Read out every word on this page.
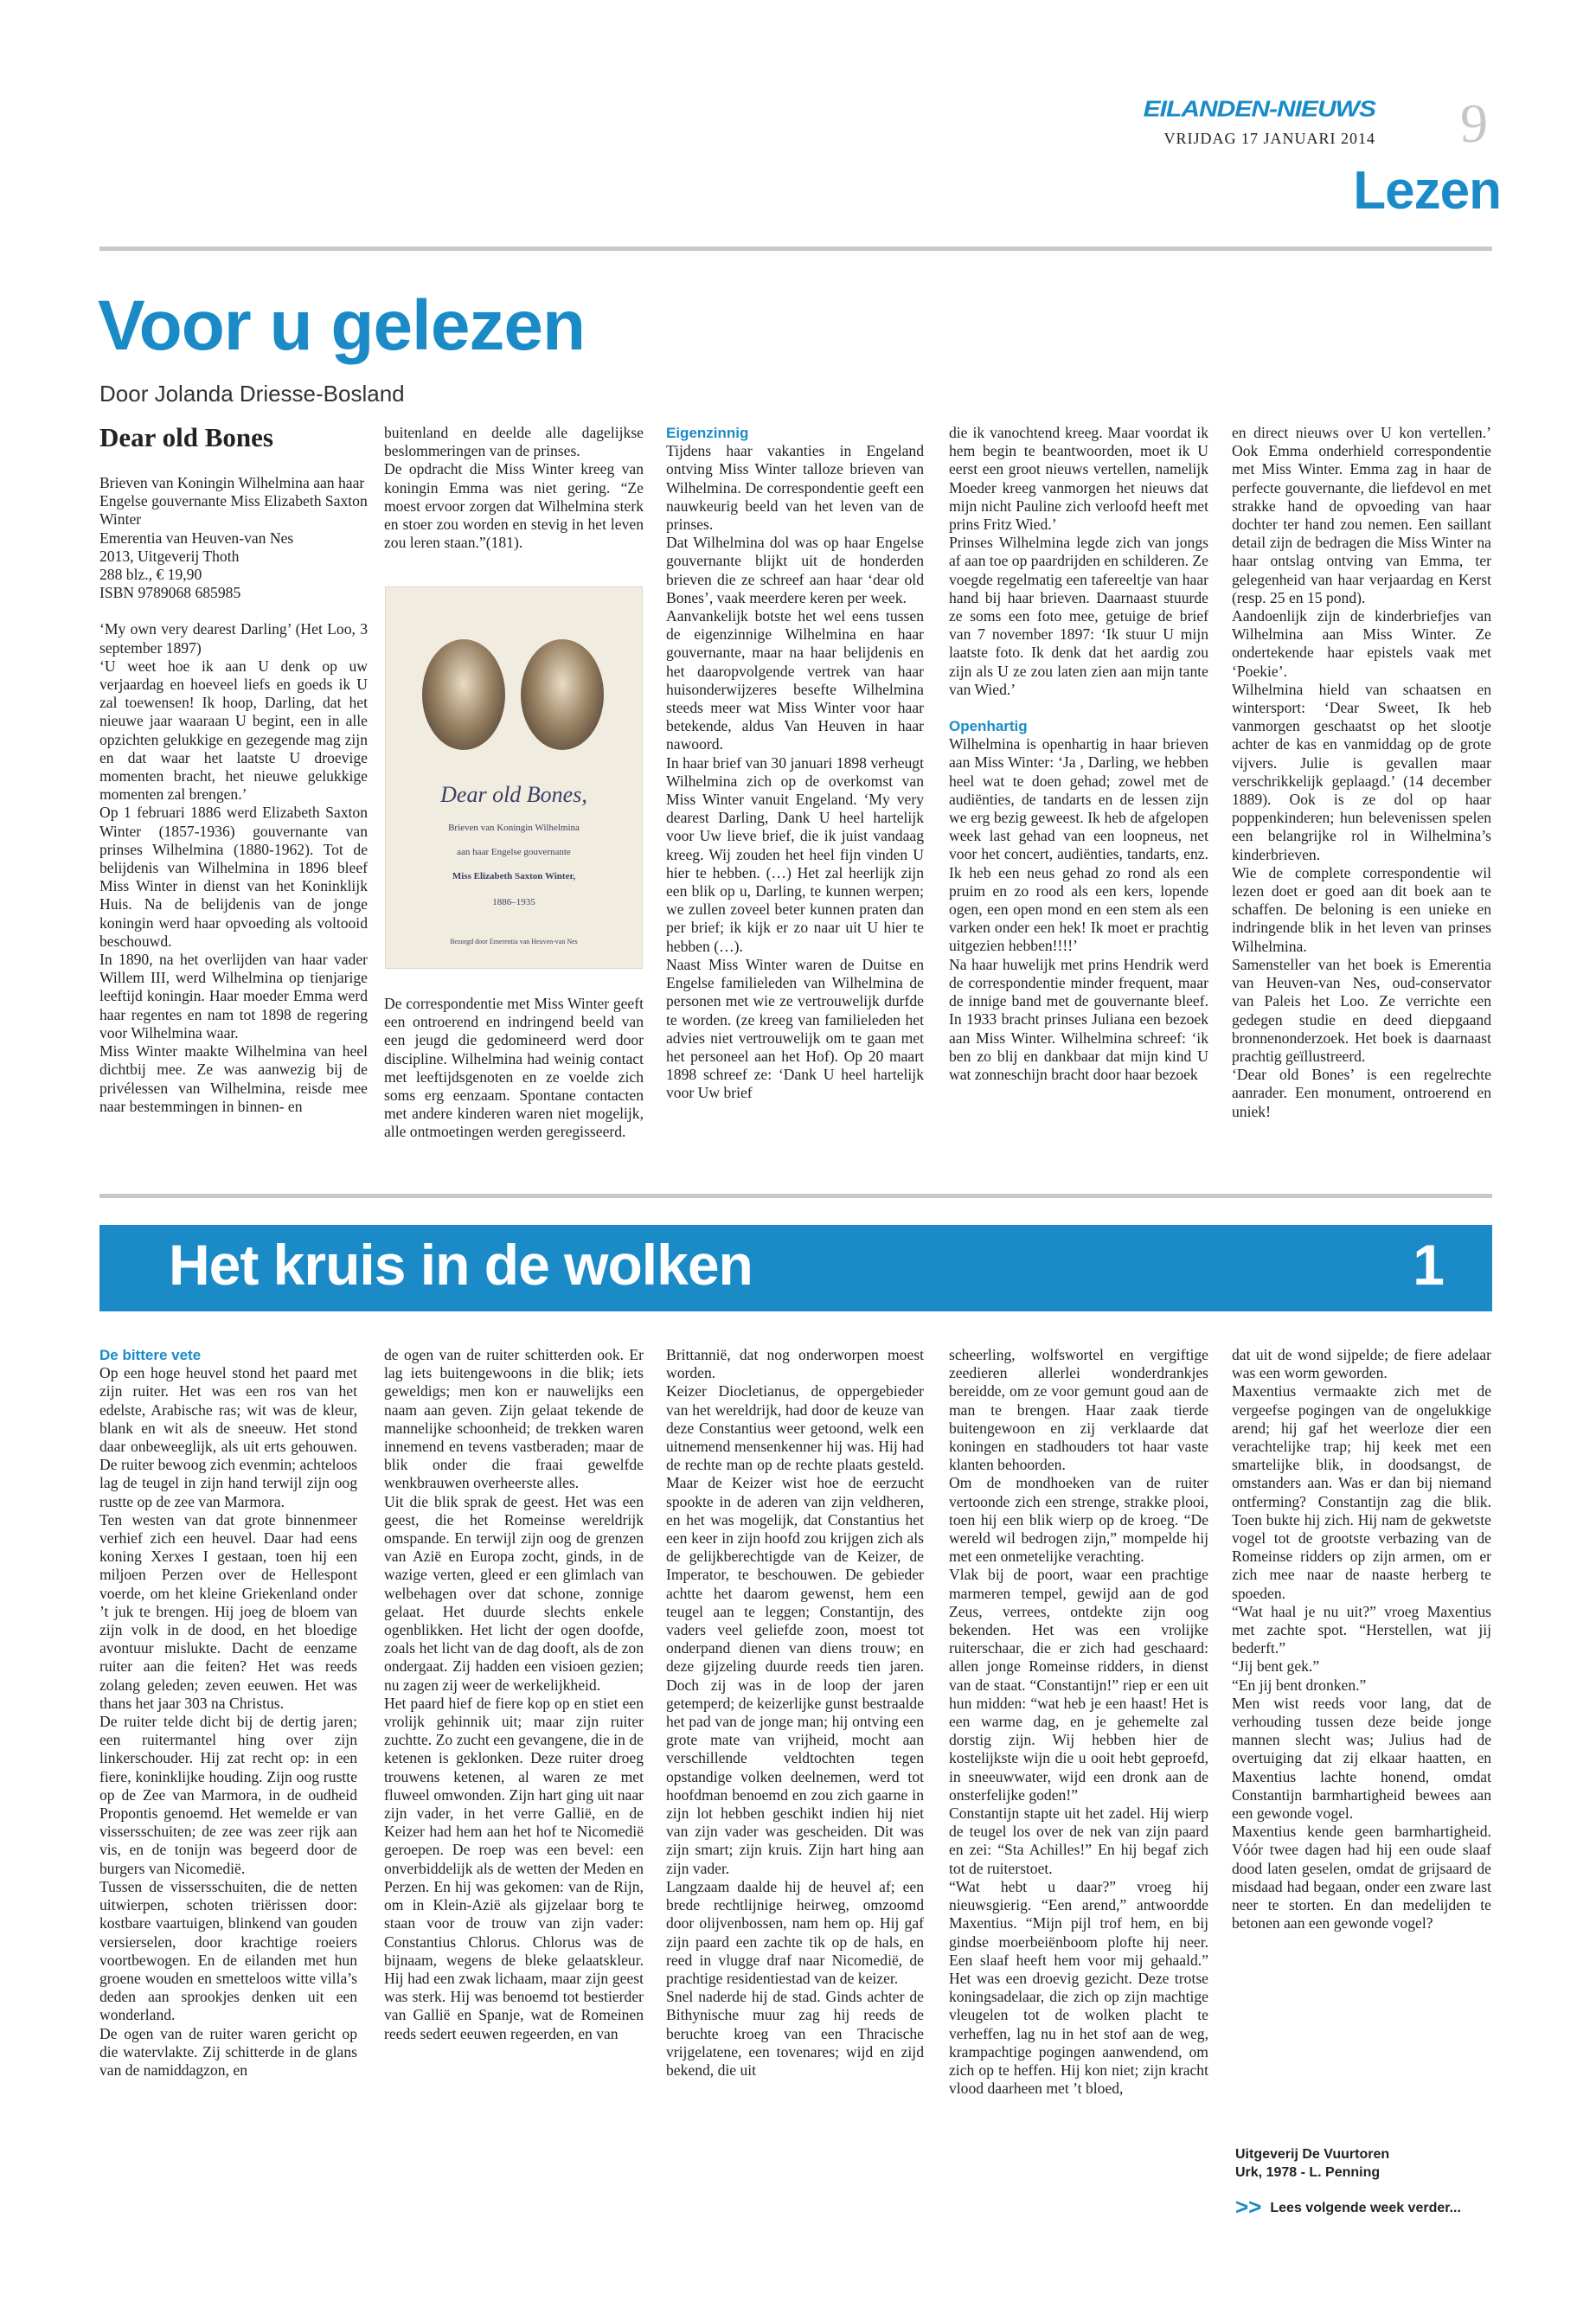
EILANDEN-NIEUWS
VRIJDAG 17 JANUARI 2014 9
Lezen
Voor u gelezen
Door Jolanda Driesse-Bosland

Dear old Bones

Brieven van Koningin Wilhelmina aan haar Engelse gouvernante Miss Elizabeth Saxton Winter

Emerentia van Heuven-van Nes

2013, Uitgeverij Thoth

288 blz., € 19,90

ISBN 9789068 685985

‘My own very dearest Darling’ (Het Loo, 3 september 1897)

‘U weet hoe ik aan U denk op uw verjaardag en hoeveel liefs en goeds ik U zal toewensen! Ik hoop, Darling, dat het nieuwe jaar waaraan U begint, een in alle opzichten gelukkige en gezegende mag zijn en dat waar het laatste U droevige momenten bracht, het nieuwe gelukkige momenten zal brengen.’

Op 1 februari 1886 werd Elizabeth Saxton Winter (1857-1936) gouvernante van prinses Wilhelmina (1880-1962). Tot de belijdenis van Wilhelmina in 1896 bleef Miss Winter in dienst van het Koninklijk Huis. Na de belijdenis van de jonge koningin werd haar opvoeding als voltooid beschouwd.

In 1890, na het overlijden van haar vader Willem III, werd Wilhelmina op tienjarige leeftijd koningin. Haar moeder Emma werd haar regentes en nam tot 1898 de regering voor Wilhelmina waar.

Miss Winter maakte Wilhelmina van heel dichtbij mee. Ze was aanwezig bij de privélessen van Wilhelmina, reisde mee naar bestemmingen in binnen- en

buitenland en deelde alle dagelijkse beslommeringen van de prinses.

De opdracht die Miss Winter kreeg van koningin Emma was niet gering. “Ze moest ervoor zorgen dat Wilhelmina sterk en stoer zou worden en stevig in het leven zou leren staan.”(181).

Dear old Bones,
Brieven van Koningin Wilhelmina
aan haar Engelse gouvernante
Miss Elizabeth Saxton Winter,
1886–1935
Bezorgd door Emerentia van Heuven-van Nes

De correspondentie met Miss Winter geeft een ontroerend en indringend beeld van een jeugd die gedomineerd werd door discipline. Wilhelmina had weinig contact met leeftijdsgenoten en ze voelde zich soms erg eenzaam. Spontane contacten met andere kinderen waren niet mogelijk, alle ontmoetingen werden geregisseerd.

Eigenzinnig

Tijdens haar vakanties in Engeland ontving Miss Winter talloze brieven van Wilhelmina. De correspondentie geeft een nauwkeurig beeld van het leven van de prinses.

Dat Wilhelmina dol was op haar Engelse gouvernante blijkt uit de honderden brieven die ze schreef aan haar ‘dear old Bones’, vaak meerdere keren per week.

Aanvankelijk botste het wel eens tussen de eigenzinnige Wilhelmina en haar gouvernante, maar na haar belijdenis en het daaropvolgende vertrek van haar huisonderwijzeres besefte Wilhelmina steeds meer wat Miss Winter voor haar betekende, aldus Van Heuven in haar nawoord.

In haar brief van 30 januari 1898 verheugt Wilhelmina zich op de overkomst van Miss Winter vanuit Engeland. ‘My very dearest Darling, Dank U heel hartelijk voor Uw lieve brief, die ik juist vandaag kreeg. Wij zouden het heel fijn vinden U hier te hebben. (…) Het zal heerlijk zijn een blik op u, Darling, te kunnen werpen; we zullen zoveel beter kunnen praten dan per brief; ik kijk er zo naar uit U hier te hebben (…).

Naast Miss Winter waren de Duitse en Engelse familieleden van Wilhelmina de personen met wie ze vertrouwelijk durfde te worden. (ze kreeg van familieleden het advies niet vertrouwelijk om te gaan met het personeel aan het Hof). Op 20 maart 1898 schreef ze: ‘Dank U heel hartelijk voor Uw brief

die ik vanochtend kreeg. Maar voordat ik hem begin te beantwoorden, moet ik U eerst een groot nieuws vertellen, namelijk Moeder kreeg vanmorgen het nieuws dat mijn nicht Pauline zich verloofd heeft met prins Fritz Wied.’

Prinses Wilhelmina legde zich van jongs af aan toe op paardrijden en schilderen. Ze voegde regelmatig een tafereeltje van haar hand bij haar brieven. Daarnaast stuurde ze soms een foto mee, getuige de brief van 7 november 1897: ‘Ik stuur U mijn laatste foto. Ik denk dat het aardig zou zijn als U ze zou laten zien aan mijn tante van Wied.’

Openhartig

Wilhelmina is openhartig in haar brieven aan Miss Winter: ‘Ja , Darling, we hebben heel wat te doen gehad; zowel met de audiënties, de tandarts en de lessen zijn we erg bezig geweest. Ik heb de afgelopen week last gehad van een loopneus, net voor het concert, audiënties, tandarts, enz. Ik heb een neus gehad zo rond als een pruim en zo rood als een kers, lopende ogen, een open mond en een stem als een varken onder een hek! Ik moet er prachtig uitgezien hebben!!!!’

Na haar huwelijk met prins Hendrik werd de correspondentie minder frequent, maar de innige band met de gouvernante bleef. In 1933 bracht prinses Juliana een bezoek aan Miss Winter. Wilhelmina schreef: ‘ik ben zo blij en dankbaar dat mijn kind U wat zonneschijn bracht door haar bezoek

en direct nieuws over U kon vertellen.’ Ook Emma onderhield correspondentie met Miss Winter. Emma zag in haar de perfecte gouvernante, die liefdevol en met strakke hand de opvoeding van haar dochter ter hand zou nemen. Een saillant detail zijn de bedragen die Miss Winter na haar ontslag ontving van Emma, ter gelegenheid van haar verjaardag en Kerst (resp. 25 en 15 pond).

Aandoenlijk zijn de kinderbriefjes van Wilhelmina aan Miss Winter. Ze ondertekende haar epistels vaak met ‘Poekie’.

Wilhelmina hield van schaatsen en wintersport: ‘Dear Sweet, Ik heb vanmorgen geschaatst op het slootje achter de kas en vanmiddag op de grote vijvers. Julie is gevallen maar verschrikkelijk geplaagd.’ (14 december 1889). Ook is ze dol op haar poppenkinderen; hun belevenissen spelen een belangrijke rol in Wilhelmina’s kinderbrieven.

Wie de complete correspondentie wil lezen doet er goed aan dit boek aan te schaffen. De beloning is een unieke en indringende blik in het leven van prinses Wilhelmina.

Samensteller van het boek is Emerentia van Heuven-van Nes, oud-conservator van Paleis het Loo. Ze verrichte een gedegen studie en deed diepgaand bronnenonderzoek. Het boek is daarnaast prachtig geïllustreerd.

‘Dear old Bones’ is een regelrechte aanrader. Een monument, ontroerend en uniek!

Het kruis in de wolken	1

De bittere vete

Op een hoge heuvel stond het paard met zijn ruiter. Het was een ros van het edelste, Arabische ras; wit was de kleur, blank en wit als de sneeuw. Het stond daar onbeweeglijk, als uit erts gehouwen. De ruiter bewoog zich evenmin; achteloos lag de teugel in zijn hand terwijl zijn oog rustte op de zee van Marmora.

Ten westen van dat grote binnenmeer verhief zich een heuvel. Daar had eens koning Xerxes I gestaan, toen hij een miljoen Perzen over de Hellespont voerde, om het kleine Griekenland onder ’t juk te brengen. Hij joeg de bloem van zijn volk in de dood, en het bloedige avontuur mislukte. Dacht de eenzame ruiter aan die feiten? Het was reeds zolang geleden; zeven eeuwen. Het was thans het jaar 303 na Christus.

De ruiter telde dicht bij de dertig jaren; een ruitermantel hing over zijn linkerschouder. Hij zat recht op: in een fiere, koninklijke houding. Zijn oog rustte op de Zee van Marmora, in de oudheid Propontis genoemd. Het wemelde er van vissersschuiten; de zee was zeer rijk aan vis, en de tonijn was begeerd door de burgers van Nicomedië.

Tussen de vissersschuiten, die de netten uitwierpen, schoten triërissen door: kostbare vaartuigen, blinkend van gouden versierselen, door krachtige roeiers voortbewogen. En de eilanden met hun groene wouden en smetteloos witte villa’s deden aan sprookjes denken uit een wonderland.

De ogen van de ruiter waren gericht op die watervlakte. Zij schitterde in de glans van de namiddagzon, en

de ogen van de ruiter schitterden ook. Er lag iets buitengewoons in die blik; iets geweldigs; men kon er nauwelijks een naam aan geven. Zijn gelaat tekende de mannelijke schoonheid; de trekken waren innemend en tevens vastberaden; maar de blik onder die fraai gewelfde wenkbrauwen overheerste alles.

Uit die blik sprak de geest. Het was een geest, die het Romeinse wereldrijk omspande. En terwijl zijn oog de grenzen van Azië en Europa zocht, ginds, in de wazige verten, gleed er een glimlach van welbehagen over dat schone, zonnige gelaat. Het duurde slechts enkele ogenblikken. Het licht der ogen doofde, zoals het licht van de dag dooft, als de zon ondergaat. Zij hadden een visioen gezien; nu zagen zij weer de werkelijkheid.

Het paard hief de fiere kop op en stiet een vrolijk gehinnik uit; maar zijn ruiter zuchtte. Zo zucht een gevangene, die in de ketenen is geklonken. Deze ruiter droeg trouwens ketenen, al waren ze met fluweel omwonden. Zijn hart ging uit naar zijn vader, in het verre Gallië, en de Keizer had hem aan het hof te Nicomedië geroepen. De roep was een bevel: een onverbiddelijk als de wetten der Meden en Perzen. En hij was gekomen: van de Rijn, om in Klein-Azië als gijzelaar borg te staan voor de trouw van zijn vader: Constantius Chlorus. Chlorus was de bijnaam, wegens de bleke gelaatskleur. Hij had een zwak lichaam, maar zijn geest was sterk. Hij was benoemd tot bestierder van Gallië en Spanje, wat de Romeinen reeds sedert eeuwen regeerden, en van

Brittannië, dat nog onderworpen moest worden.

Keizer Diocletianus, de oppergebieder van het wereldrijk, had door de keuze van deze Constantius weer getoond, welk een uitnemend mensenkenner hij was. Hij had de rechte man op de rechte plaats gesteld. Maar de Keizer wist hoe de eerzucht spookte in de aderen van zijn veldheren, en het was mogelijk, dat Constantius het een keer in zijn hoofd zou krijgen zich als de gelijkberechtigde van de Keizer, de Imperator, te beschouwen. De gebieder achtte het daarom gewenst, hem een teugel aan te leggen; Constantijn, des vaders veel geliefde zoon, moest tot onderpand dienen van diens trouw; en deze gijzeling duurde reeds tien jaren. Doch zij was in de loop der jaren getemperd; de keizerlijke gunst bestraalde het pad van de jonge man; hij ontving een grote mate van vrijheid, mocht aan verschillende veldtochten tegen opstandige volken deelnemen, werd tot hoofdman benoemd en zou zich gaarne in zijn lot hebben geschikt indien hij niet van zijn vader was gescheiden. Dit was zijn smart; zijn kruis. Zijn hart hing aan zijn vader.

Langzaam daalde hij de heuvel af; een brede rechtlijnige heirweg, omzoomd door olijvenbossen, nam hem op. Hij gaf zijn paard een zachte tik op de hals, en reed in vlugge draf naar Nicomedië, de prachtige residentiestad van de keizer.

Snel naderde hij de stad. Ginds achter de Bithynische muur zag hij reeds de beruchte kroeg van een Thracische vrijgelatene, een tovenares; wijd en zijd bekend, die uit

scheerling, wolfswortel en vergiftige zeedieren allerlei wonderdrankjes bereidde, om ze voor gemunt goud aan de man te brengen. Haar zaak tierde buitengewoon en zij verklaarde dat koningen en stadhouders tot haar vaste klanten behoorden.

Om de mondhoeken van de ruiter vertoonde zich een strenge, strakke plooi, toen hij een blik wierp op de kroeg. “De wereld wil bedrogen zijn,” mompelde hij met een onmetelijke verachting.

Vlak bij de poort, waar een prachtige marmeren tempel, gewijd aan de god Zeus, verrees, ontdekte zijn oog bekenden. Het was een vrolijke ruiterschaar, die er zich had geschaard: allen jonge Romeinse ridders, in dienst van de staat. “Constantijn!” riep er een uit hun midden: “wat heb je een haast! Het is een warme dag, en je gehemelte zal dorstig zijn. Wij hebben hier de kostelijkste wijn die u ooit hebt geproefd, in sneeuwwater, wijd een dronk aan de onsterfelijke goden!”

Constantijn stapte uit het zadel. Hij wierp de teugel los over de nek van zijn paard en zei: “Sta Achilles!” En hij begaf zich tot de ruiterstoet.

“Wat hebt u daar?” vroeg hij nieuwsgierig. “Een arend,” antwoordde Maxentius. “Mijn pijl trof hem, en bij gindse moerbeiënboom plofte hij neer. Een slaaf heeft hem voor mij gehaald.” Het was een droevig gezicht. Deze trotse koningsadelaar, die zich op zijn machtige vleugelen tot de wolken placht te verheffen, lag nu in het stof aan de weg, krampachtige pogingen aanwendend, om zich op te heffen. Hij kon niet; zijn kracht vlood daarheen met ’t bloed,

dat uit de wond sijpelde; de fiere adelaar was een worm geworden.

Maxentius vermaakte zich met de vergeefse pogingen van de ongelukkige arend; hij gaf het weerloze dier een verachtelijke trap; hij keek met een smartelijke blik, in doodsangst, de omstanders aan. Was er dan bij niemand ontferming? Constantijn zag die blik. Toen bukte hij zich. Hij nam de gekwetste vogel tot de grootste verbazing van de Romeinse ridders op zijn armen, om er zich mee naar de naaste herberg te spoeden.

“Wat haal je nu uit?” vroeg Maxentius met zachte spot. “Herstellen, wat jij bederft.”

“Jij bent gek.”

“En jij bent dronken.”

Men wist reeds voor lang, dat de verhouding tussen deze beide jonge mannen slecht was; Julius had de overtuiging dat zij elkaar haatten, en Maxentius lachte honend, omdat Constantijn barmhartigheid bewees aan een gewonde vogel.

Maxentius kende geen barmhartigheid. Vóór twee dagen had hij een oude slaaf dood laten geselen, omdat de grijsaard de misdaad had begaan, onder een zware last neer te storten. En dan medelijden te betonen aan een gewonde vogel?

Uitgeverij De Vuurtoren
Urk, 1978 - L. Penning
>> Lees volgende week verder...
